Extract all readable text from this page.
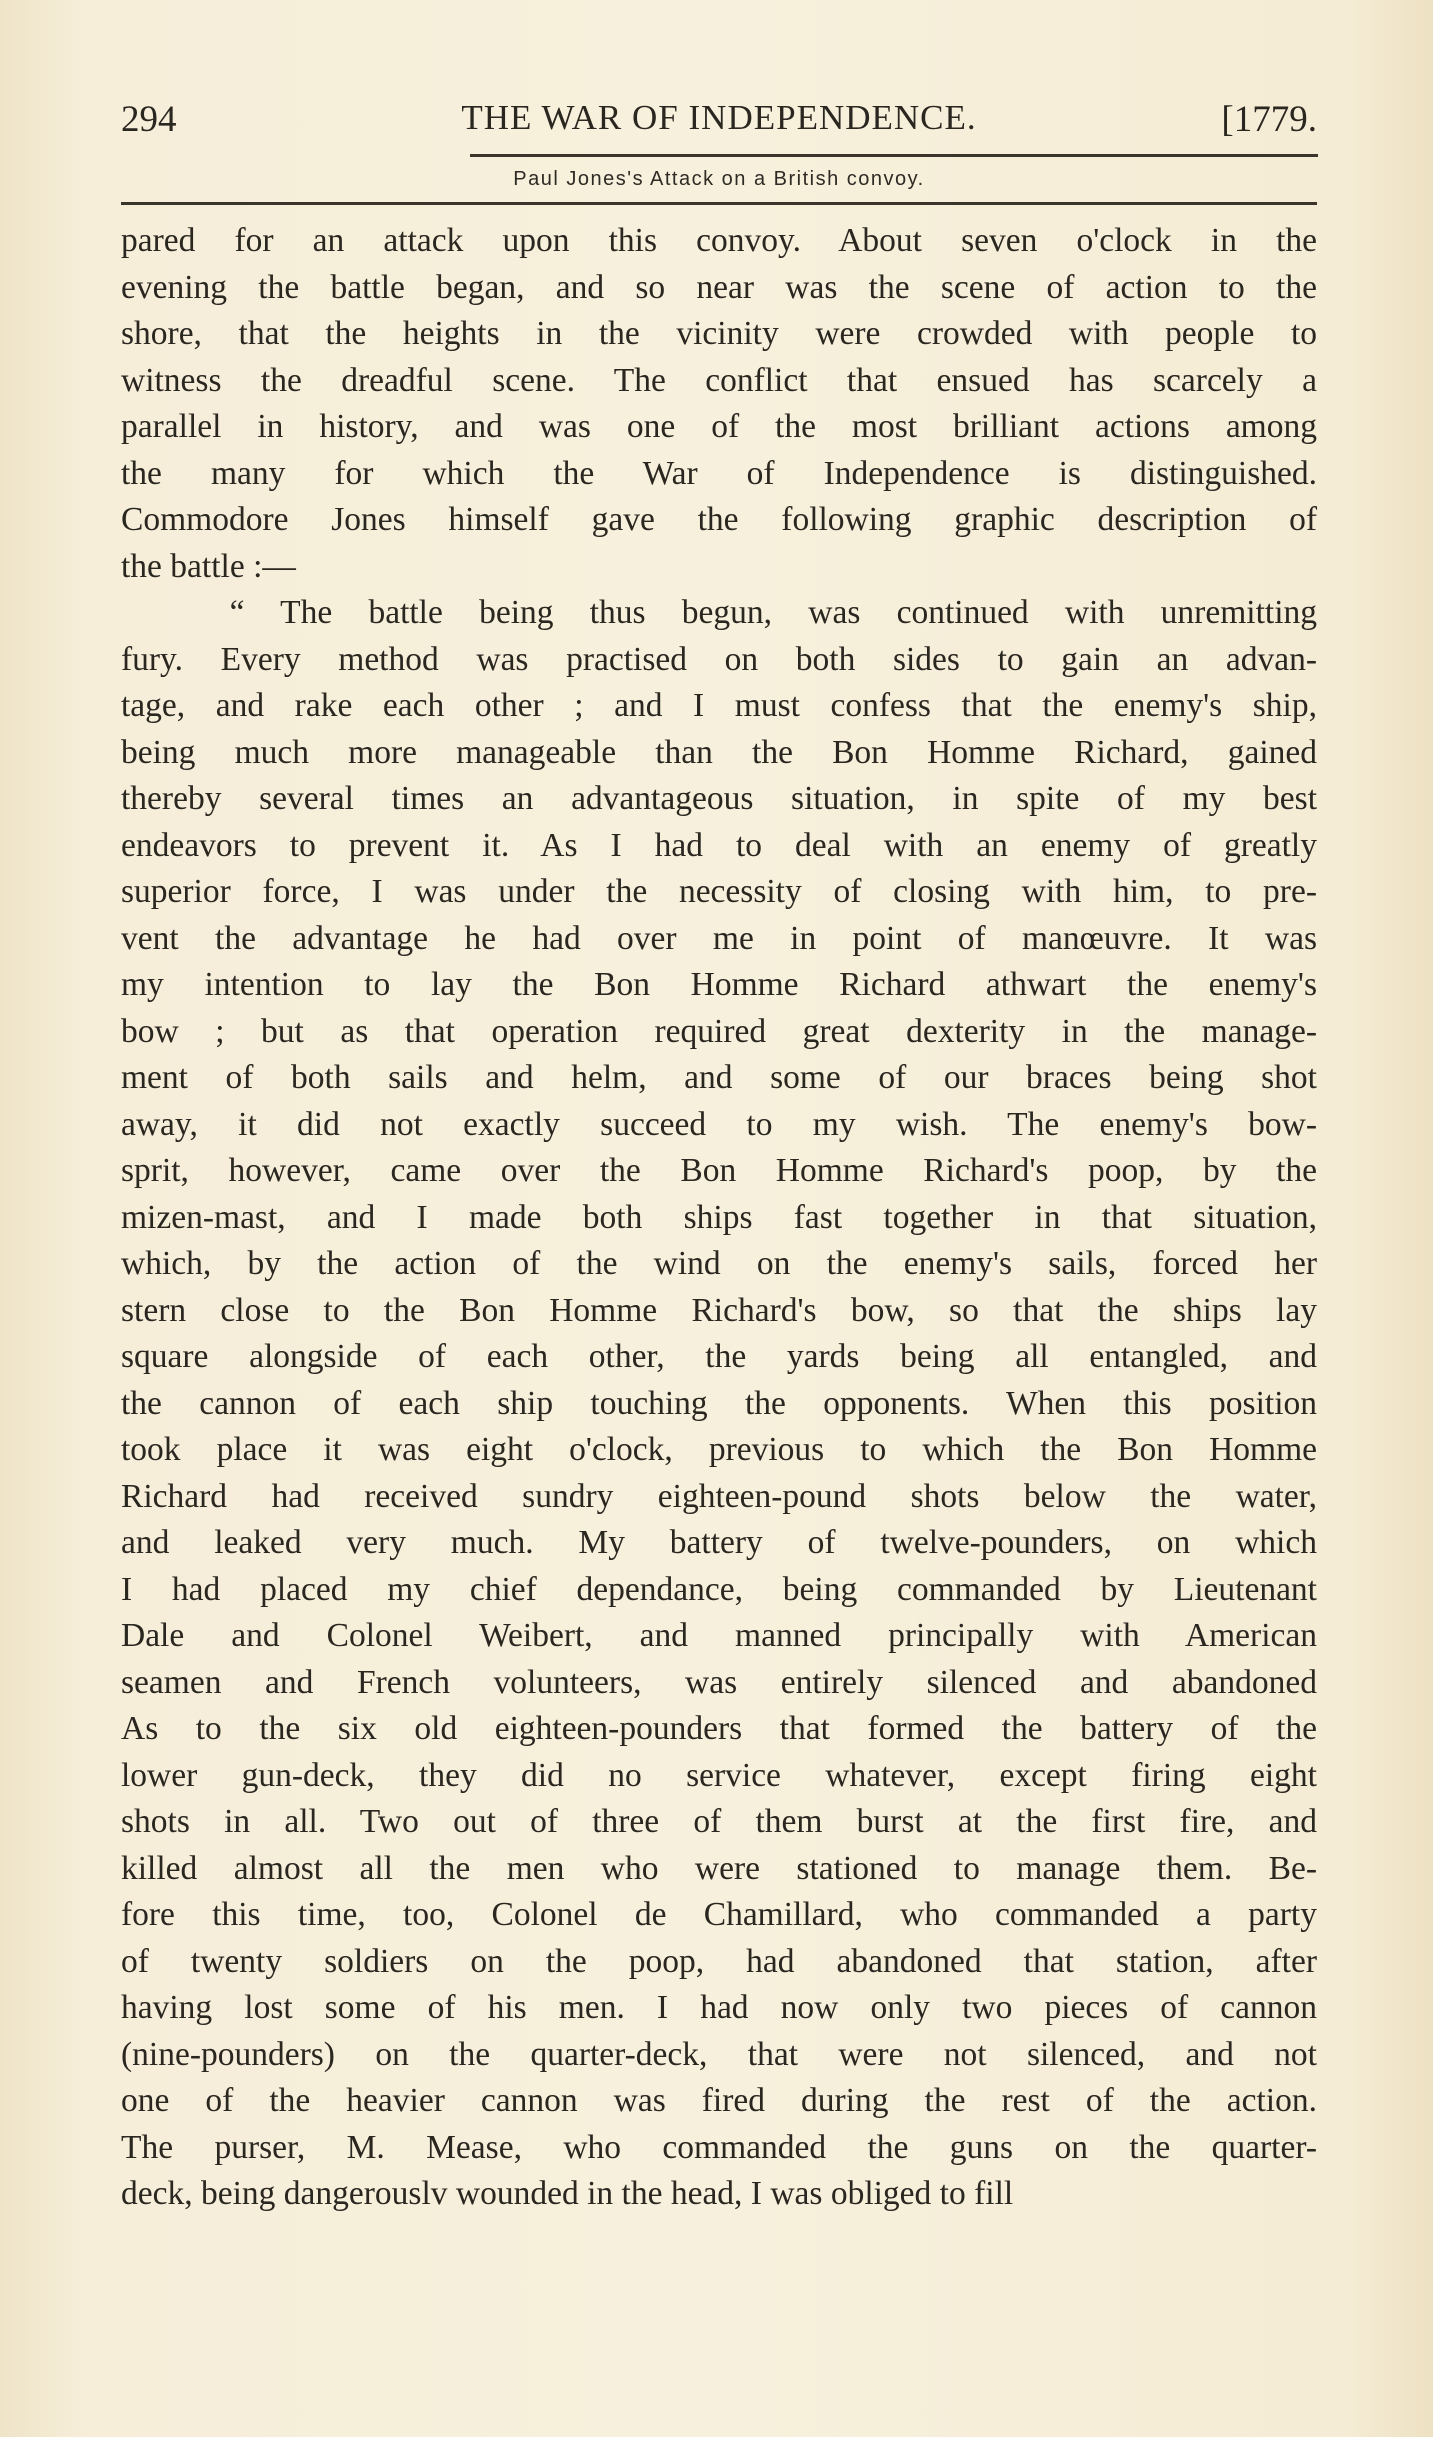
294	THE WAR OF INDEPENDENCE.	[1779.
Paul Jones's Attack on a British convoy.
pared for an attack upon this convoy. About seven o'clock in the
evening the battle began, and so near was the scene of action to the
shore, that the heights in the vicinity were crowded with people to
witness the dreadful scene. The conflict that ensued has scarcely a
parallel in history, and was one of the most brilliant actions among
the many for which the War of Independence is distinguished.
Commodore Jones himself gave the following graphic description of
the battle :—
“ The battle being thus begun, was continued with unremitting
fury. Every method was practised on both sides to gain an advan-
tage, and rake each other ; and I must confess that the enemy's ship,
being much more manageable than the Bon Homme Richard, gained
thereby several times an advantageous situation, in spite of my best
endeavors to prevent it. As I had to deal with an enemy of greatly
superior force, I was under the necessity of closing with him, to pre-
vent the advantage he had over me in point of manœuvre. It was
my intention to lay the Bon Homme Richard athwart the enemy's
bow ; but as that operation required great dexterity in the manage-
ment of both sails and helm, and some of our braces being shot
away, it did not exactly succeed to my wish. The enemy's bow-
sprit, however, came over the Bon Homme Richard's poop, by the
mizen-mast, and I made both ships fast together in that situation,
which, by the action of the wind on the enemy's sails, forced her
stern close to the Bon Homme Richard's bow, so that the ships lay
square alongside of each other, the yards being all entangled, and
the cannon of each ship touching the opponents. When this position
took place it was eight o'clock, previous to which the Bon Homme
Richard had received sundry eighteen-pound shots below the water,
and leaked very much. My battery of twelve-pounders, on which
I had placed my chief dependance, being commanded by Lieutenant
Dale and Colonel Weibert, and manned principally with American
seamen and French volunteers, was entirely silenced and abandoned
As to the six old eighteen-pounders that formed the battery of the
lower gun-deck, they did no service whatever, except firing eight
shots in all. Two out of three of them burst at the first fire, and
killed almost all the men who were stationed to manage them. Be-
fore this time, too, Colonel de Chamillard, who commanded a party
of twenty soldiers on the poop, had abandoned that station, after
having lost some of his men. I had now only two pieces of cannon
(nine-pounders) on the quarter-deck, that were not silenced, and not
one of the heavier cannon was fired during the rest of the action.
The purser, M. Mease, who commanded the guns on the quarter-
deck, being dangerouslv wounded in the head, I was obliged to fill
